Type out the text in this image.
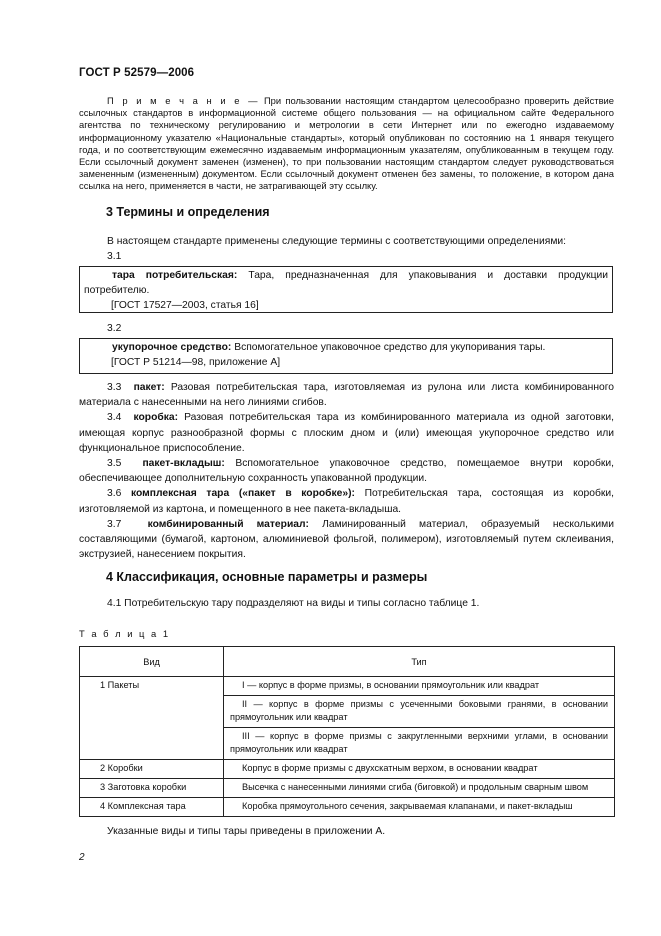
ГОСТ Р 52579—2006

П р и м е ч а н и е — При пользовании настоящим стандартом целесообразно проверить действие ссылочных стандартов в информационной системе общего пользования — на официальном сайте Федерального агентства по техническому регулированию и метрологии в сети Интернет или по ежегодно издаваемому информационному указателю «Национальные стандарты», который опубликован по состоянию на 1 января текущего года, и по соответствующим ежемесячно издаваемым информационным указателям, опубликованным в текущем году. Если ссылочный документ заменен (изменен), то при пользовании настоящим стандартом следует руководствоваться замененным (измененным) документом. Если ссылочный документ отменен без замены, то положение, в котором дана ссылка на него, применяется в части, не затрагивающей эту ссылку.

3 Термины и определения
В настоящем стандарте применены следующие термины с соответствующими определениями:
3.1
тара потребительская: Тара, предназначенная для упаковывания и доставки продукции потребителю.
[ГОСТ 17527—2003, статья 16]
3.2
укупорочное средство: Вспомогательное упаковочное средство для укупоривания тары.
[ГОСТ Р 51214—98, приложение А]

3.3 пакет: Разовая потребительская тара, изготовляемая из рулона или листа комбинированного материала с нанесенными на него линиями сгибов.

3.4 коробка: Разовая потребительская тара из комбинированного материала из одной заготовки, имеющая корпус разнообразной формы с плоским дном и (или) имеющая укупорочное средство или функциональное приспособление.

3.5 пакет-вкладыш: Вспомогательное упаковочное средство, помещаемое внутри коробки, обеспечивающее дополнительную сохранность упакованной продукции.

3.6 комплексная тара («пакет в коробке»): Потребительская тара, состоящая из коробки, изготовляемой из картона, и помещенного в нее пакета-вкладыша.

3.7	комбинированный материал: Ламинированный материал, образуемый несколькими составляющими (бумагой, картоном, алюминиевой фольгой, полимером), изготовляемый путем склеивания, экструзией, нанесением покрытия.

4 Классификация, основные параметры и размеры
4.1 Потребительскую тару подразделяют на виды и типы согласно таблице 1.
Т а б л и ц а 1
Вид	Тип
1 Пакеты	I — корпус в форме призмы, в основании прямоугольник или квадрат

	II — корпус в форме призмы с усеченными боковыми гранями, в основании прямоугольник или квадрат

	III — корпус в форме призмы с закругленными верхними углами, в основании прямоугольник или квадрат

2 Коробки	Корпус в форме призмы с двухскатным верхом, в основании квадрат

3 Заготовка коробки	Высечка с нанесенными линиями сгиба (биговкой) и продольным сварным швом

4 Комплексная тара	Коробка прямоугольного сечения, закрываемая клапанами, и пакет-вкладыш
Указанные виды и типы тары приведены в приложении А.
2
